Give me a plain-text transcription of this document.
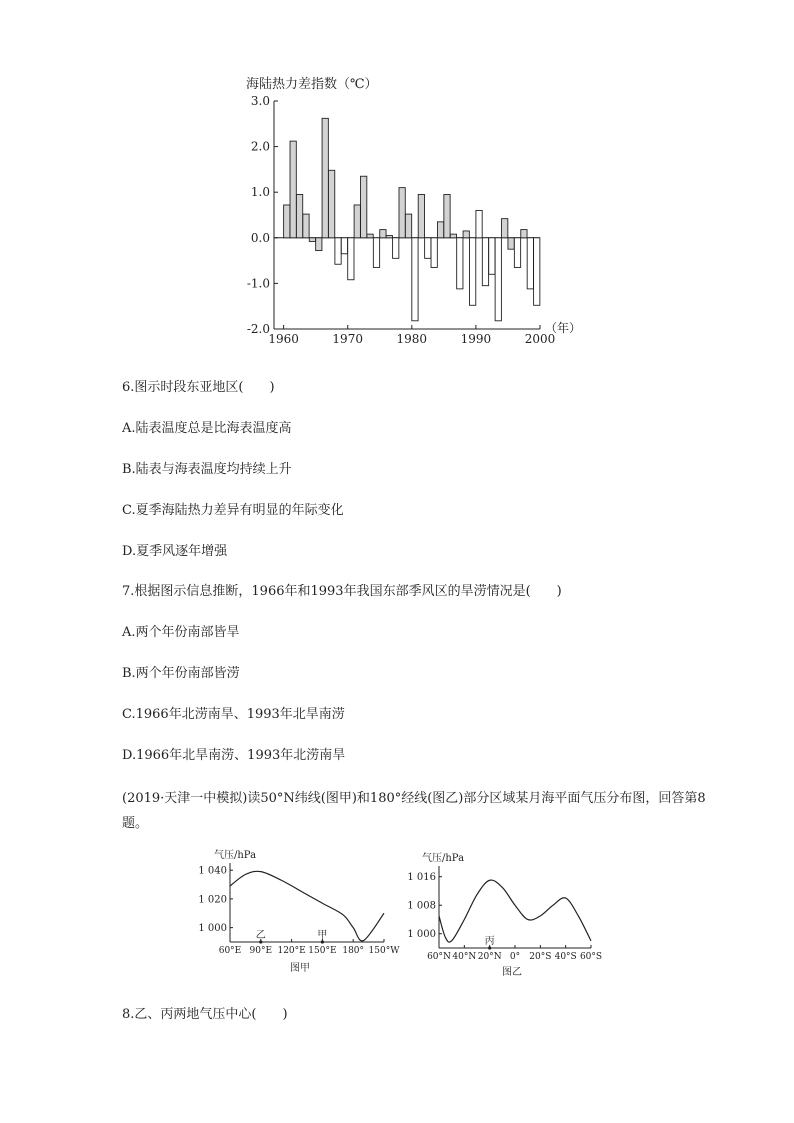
3.0
2.0
1.0
0.0
-1.0
-2.0
1960	1970	1980	1990	2000
海陆热力差指数（℃）
（年）
6.图示时段东亚地区(　　)
A.陆表温度总是比海表温度高
B.陆表与海表温度均持续上升
C.夏季海陆热力差异有明显的年际变化
D.夏季风逐年增强
7.根据图示信息推断，1966年和1993年我国东部季风区的旱涝情况是(　　)
A.两个年份南部皆旱
B.两个年份南部皆涝
C.1966年北涝南旱、1993年北旱南涝
D.1966年北旱南涝、1993年北涝南旱
(2019·天津一中模拟)读50°N纬线(图甲)和180°经线(图乙)部分区域某月海平面气压分布图，回答第8题。
1 040
1 020
1 000
60°E 90°E 120°E 150°E 180° 150°W
乙	甲
气压/hPa
图甲
1 016
1 008
1 000
60°N 40°N 20°N 0° 20°S 40°S 60°S
丙
气压/hPa
图乙
8.乙、丙两地气压中心(　　)
